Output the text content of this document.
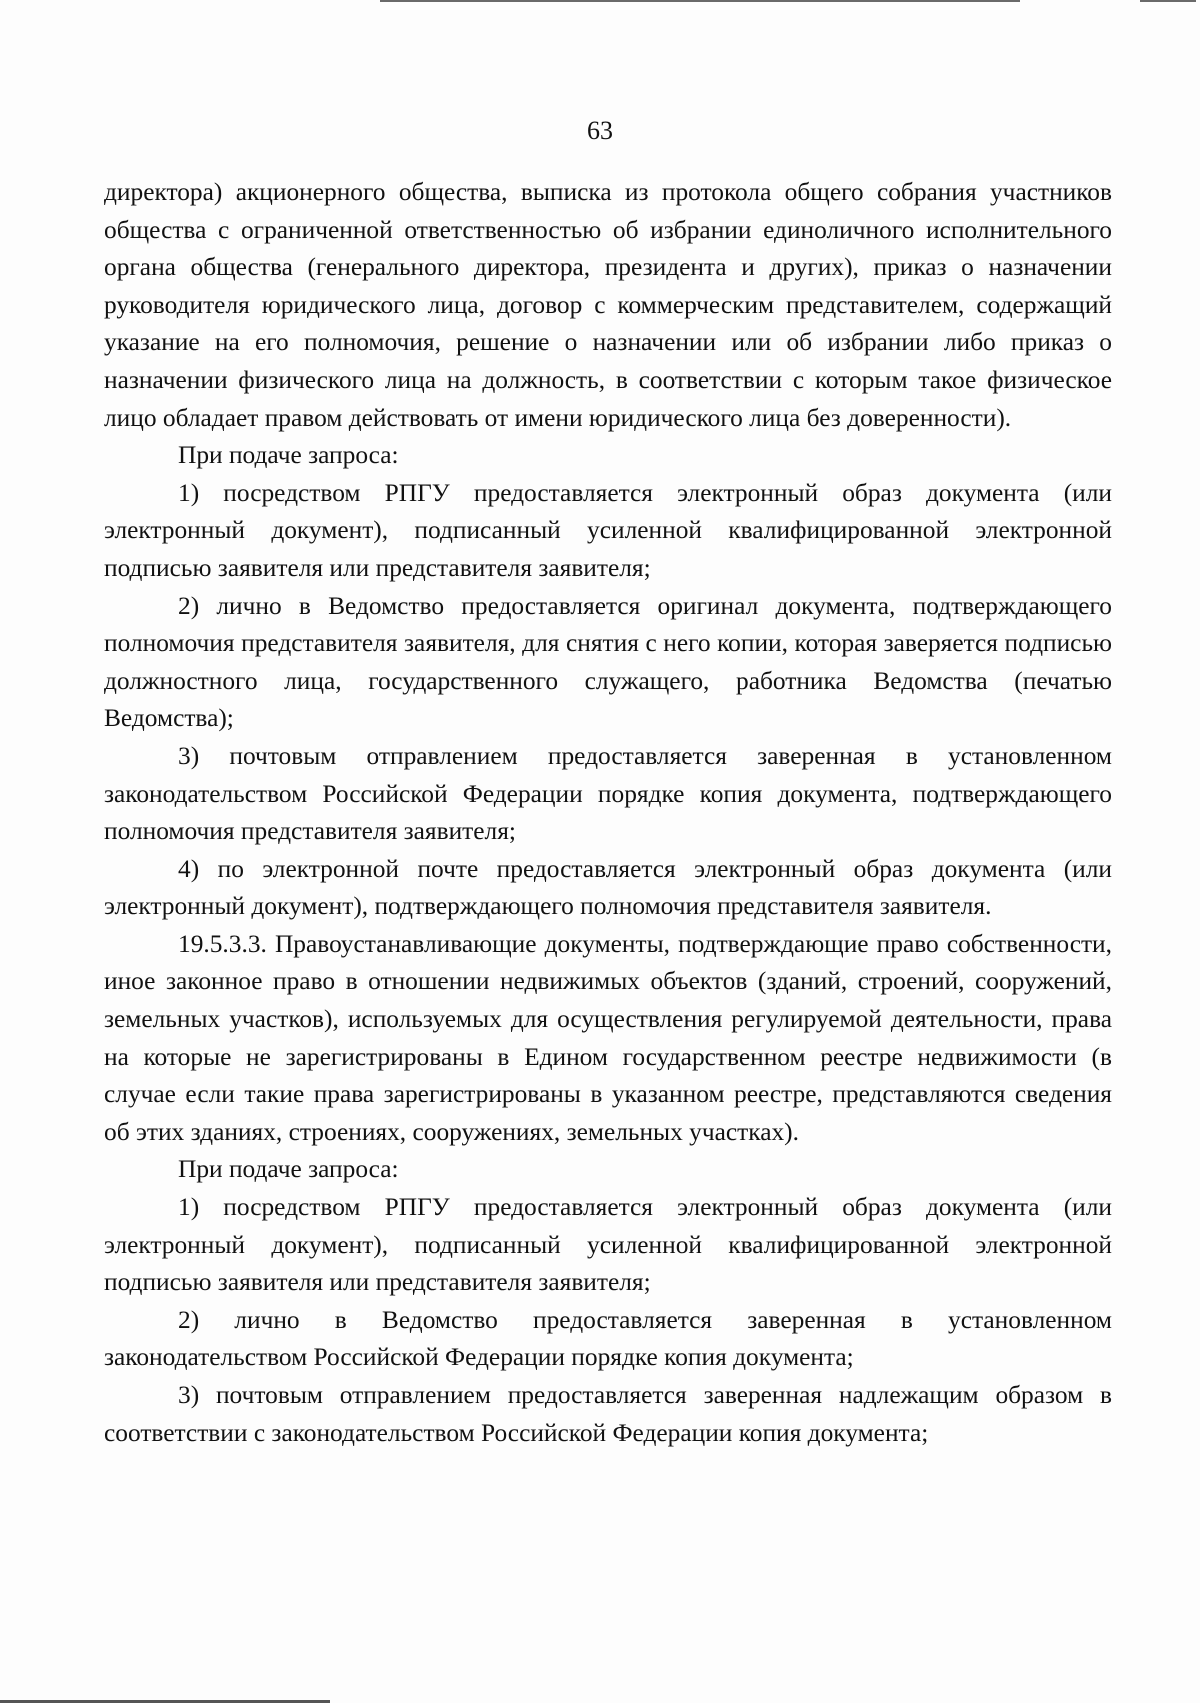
63

директора) акционерного общества, выписка из протокола общего собрания участников общества с ограниченной ответственностью об избрании единоличного исполнительного органа общества (генерального директора, президента и других), приказ о назначении руководителя юридического лица, договор с коммерческим представителем, содержащий указание на его полномочия, решение о назначении или об избрании либо приказ о назначении физического лица на должность, в соответствии с которым такое физическое лицо обладает правом действовать от имени юридического лица без доверенности).

При подаче запроса:

1) посредством РПГУ предоставляется электронный образ документа (или электронный документ), подписанный усиленной квалифицированной электронной подписью заявителя или представителя заявителя;

2) лично в Ведомство предоставляется оригинал документа, подтверждающего полномочия представителя заявителя, для снятия с него копии, которая заверяется подписью должностного лица, государственного служащего, работника Ведомства (печатью Ведомства);

3) почтовым отправлением предоставляется заверенная в установленном законодательством Российской Федерации порядке копия документа, подтверждающего полномочия представителя заявителя;

4) по электронной почте предоставляется электронный образ документа (или электронный документ), подтверждающего полномочия представителя заявителя.

19.5.3.3. Правоустанавливающие документы, подтверждающие право собственности, иное законное право в отношении недвижимых объектов (зданий, строений, сооружений, земельных участков), используемых для осуществления регулируемой деятельности, права на которые не зарегистрированы в Едином государственном реестре недвижимости (в случае если такие права зарегистрированы в указанном реестре, представляются сведения об этих зданиях, строениях, сооружениях, земельных участках).

При подаче запроса:

1) посредством РПГУ предоставляется электронный образ документа (или электронный документ), подписанный усиленной квалифицированной электронной подписью заявителя или представителя заявителя;

2) лично в Ведомство предоставляется заверенная в установленном законодательством Российской Федерации порядке копия документа;

3) почтовым отправлением предоставляется заверенная надлежащим образом в соответствии с законодательством Российской Федерации копия документа;
